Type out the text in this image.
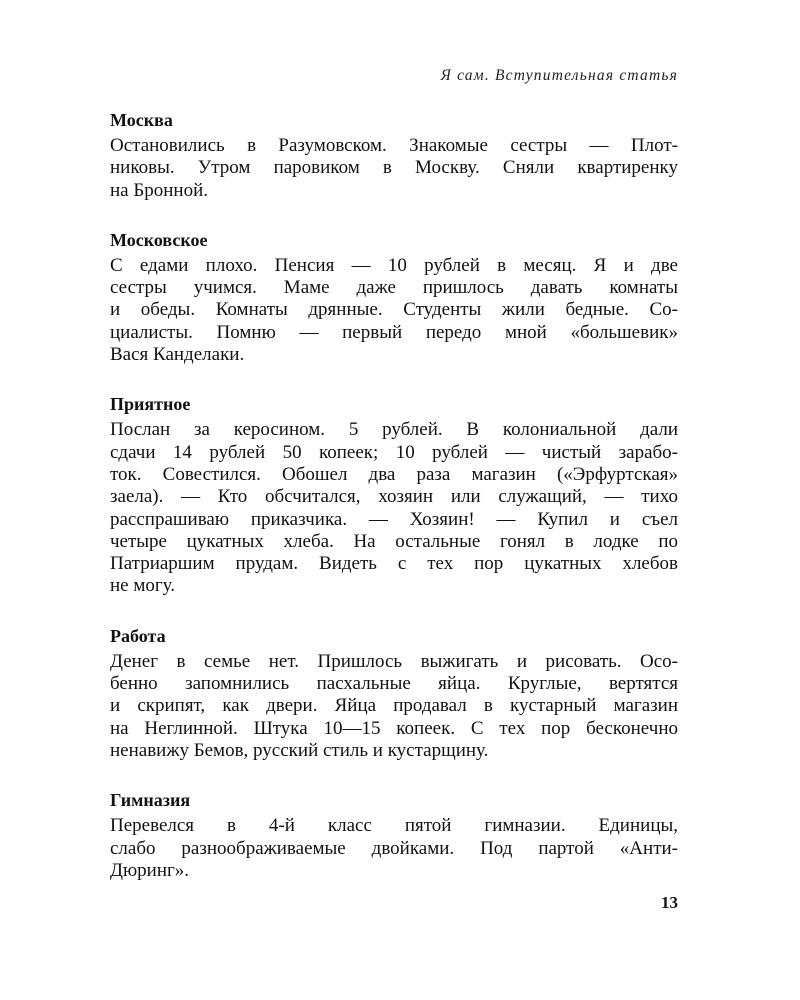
Я сам. Вступительная статья
Москва
Остановились в Разумовском. Знакомые сестры — Плот-
никовы. Утром паровиком в Москву. Сняли квартиренку
на Бронной.
Московское
С едами плохо. Пенсия — 10 рублей в месяц. Я и две
сестры учимся. Маме даже пришлось давать комнаты
и обеды. Комнаты дрянные. Студенты жили бедные. Со-
циалисты. Помню — первый передо мной «большевик»
Вася Канделаки.
Приятное
Послан за керосином. 5 рублей. В колониальной дали
сдачи 14 рублей 50 копеек; 10 рублей — чистый зарабо-
ток. Совестился. Обошел два раза магазин («Эрфуртская»
заела). — Кто обсчитался, хозяин или служащий, — тихо
расспрашиваю приказчика. — Хозяин! — Купил и съел
четыре цукатных хлеба. На остальные гонял в лодке по
Патриаршим прудам. Видеть с тех пор цукатных хлебов
не могу.
Работа
Денег в семье нет. Пришлось выжигать и рисовать. Осо-
бенно запомнились пасхальные яйца. Круглые, вертятся
и скрипят, как двери. Яйца продавал в кустарный магазин
на Неглинной. Штука 10—15 копеек. С тех пор бесконечно
ненавижу Бемов, русский стиль и кустарщину.
Гимназия
Перевелся в 4-й класс пятой гимназии. Единицы,
слабо разноображиваемые двойками. Под партой «Анти-
Дюринг».
13
